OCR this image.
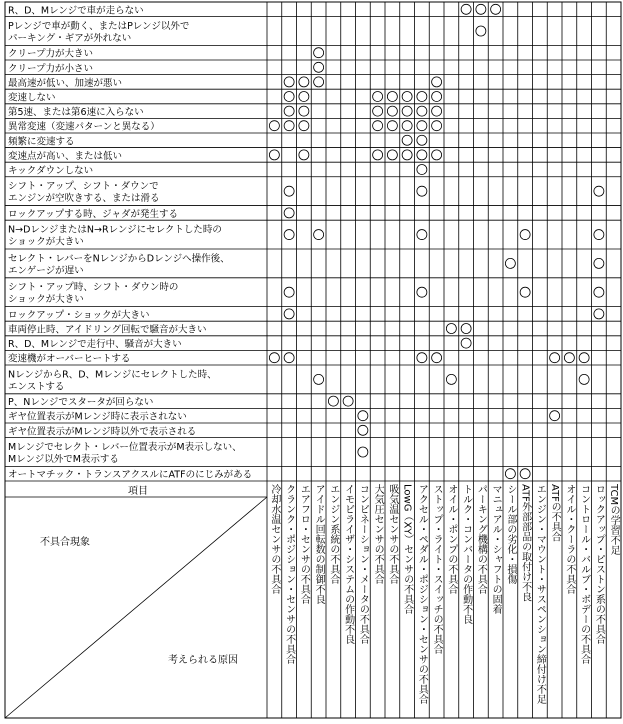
R、D、Mレンジで車が走らない
Pレンジで車が動く、またはPレンジ以外で
パーキング・ギアが外れない
クリープ力が大きい
クリープ力が小さい
最高速が低い、加速が悪い
変速しない
第5速、または第6速に入らない
異常変速（変速パターンと異なる）
頻繁に変速する
変速点が高い、または低い
キックダウンしない
シフト・アップ、シフト・ダウンで
エンジンが空吹きする、または滑る
ロックアップする時、ジャダが発生する
N→DレンジまたはN→Rレンジにセレクトした時の
ショックが大きい
セレクト・レバーをNレンジからDレンジへ操作後、
エンゲージが遅い
シフト・アップ時、シフト・ダウン時の
ショックが大きい
ロックアップ・ショックが大きい
車両停止時、アイドリング回転で騒音が大きい
R、D、Mレンジで走行中、騒音が大きい
変速機がオーバーヒートする
NレンジからR、D、Mレンジにセレクトした時、
エンストする
P、Nレンジでスタータが回らない
ギヤ位置表示がMレンジ時に表示されない
ギヤ位置表示がMレンジ時以外で表示される
Mレンジでセレクト・レバー位置表示がM表示しない、
Mレンジ以外でM表示する
オートマチック・トランスアクスルにATFのにじみがある
冷却水温センサの不具合 クランク・ポジション・センサの不具合 エアフロ・センサの不具合 アイドル回転数の制御不良 エンジン系統の不具合 イモビライザ・システムの作動不良 コンビネーション・メータの不具合 大気圧センサの不具合 吸気温センサの不具合 LowG（XY）センサの不具合 アクセル・ペダル・ポジション・センサの不具合 ストップ・ライト・スイッチの不具合 オイル・ポンプの不具合 トルク・コンバータの作動不良 パーキング機構の不具合 マニュアル・シャフトの固着 シール部の劣化・損傷 ATF外部部品の取付け不良 エンジン・マウント・サスペンション締付け不足 ATFの不具合 オイル・クーラの不具合 コントロール・バルブ・ボデーの不具合 ロックアップ・ピストン系の不具合 TCMの学習不足
項目
不具合現象
考えられる原因
